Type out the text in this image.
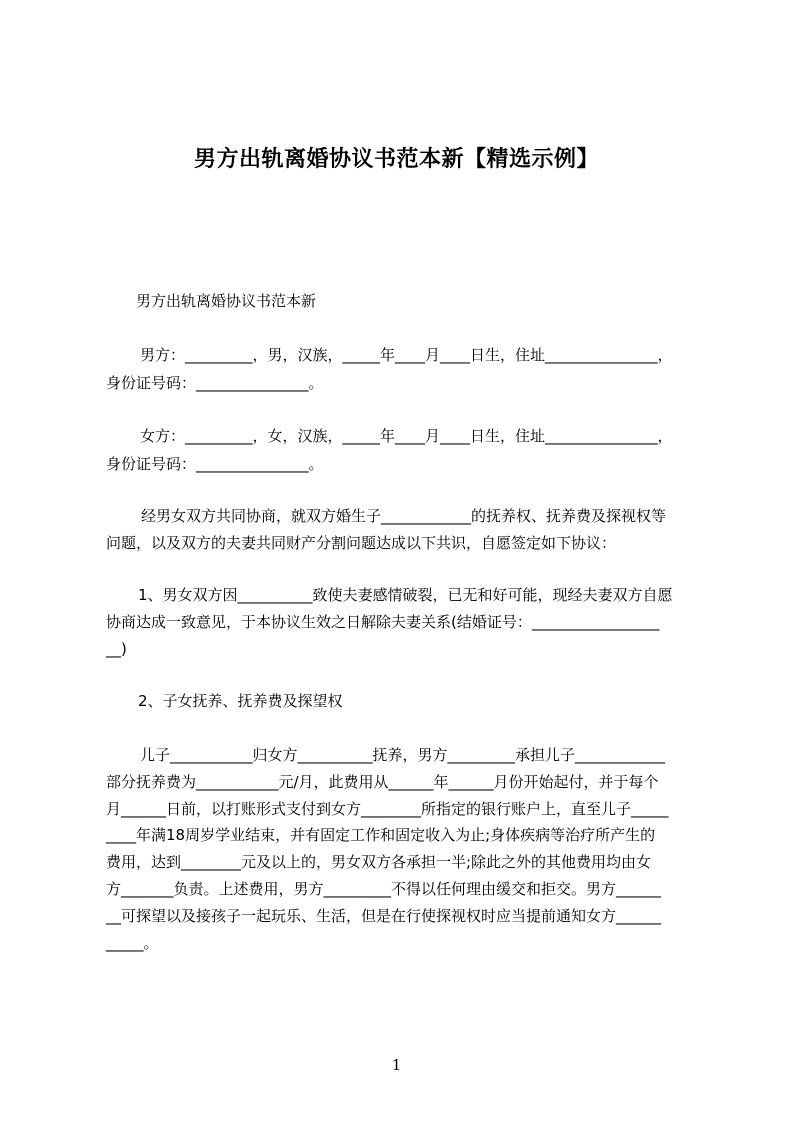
男方出轨离婚协议书范本新【精选示例】
男方出轨离婚协议书范本新
男方：_________，男，汉族，_____年____月____日生，住址_______________，
身份证号码：_______________。
女方：_________，女，汉族，_____年____月____日生，住址_______________，
身份证号码：_______________。
经男女双方共同协商，就双方婚生子____________的抚养权、抚养费及探视权等
问题，以及双方的夫妻共同财产分割问题达成以下共识，自愿签定如下协议：
1、男女双方因__________致使夫妻感情破裂，已无和好可能，现经夫妻双方自愿
协商达成一致意见，于本协议生效之日解除夫妻关系(结婚证号：_________________
__)
2、子女抚养、抚养费及探望权
儿子___________归女方__________抚养，男方_________承担儿子____________
部分抚养费为___________元/月，此费用从______年______月份开始起付，并于每个
月______日前，以打账形式支付到女方________所指定的银行账户上，直至儿子_____
____年满18周岁学业结束，并有固定工作和固定收入为止;身体疾病等治疗所产生的
费用，达到________元及以上的，男女双方各承担一半;除此之外的其他费用均由女
方_______负责。上述费用，男方_________不得以任何理由缓交和拒交。男方______
__可探望以及接孩子一起玩乐、生活，但是在行使探视权时应当提前通知女方______
_____。
1
